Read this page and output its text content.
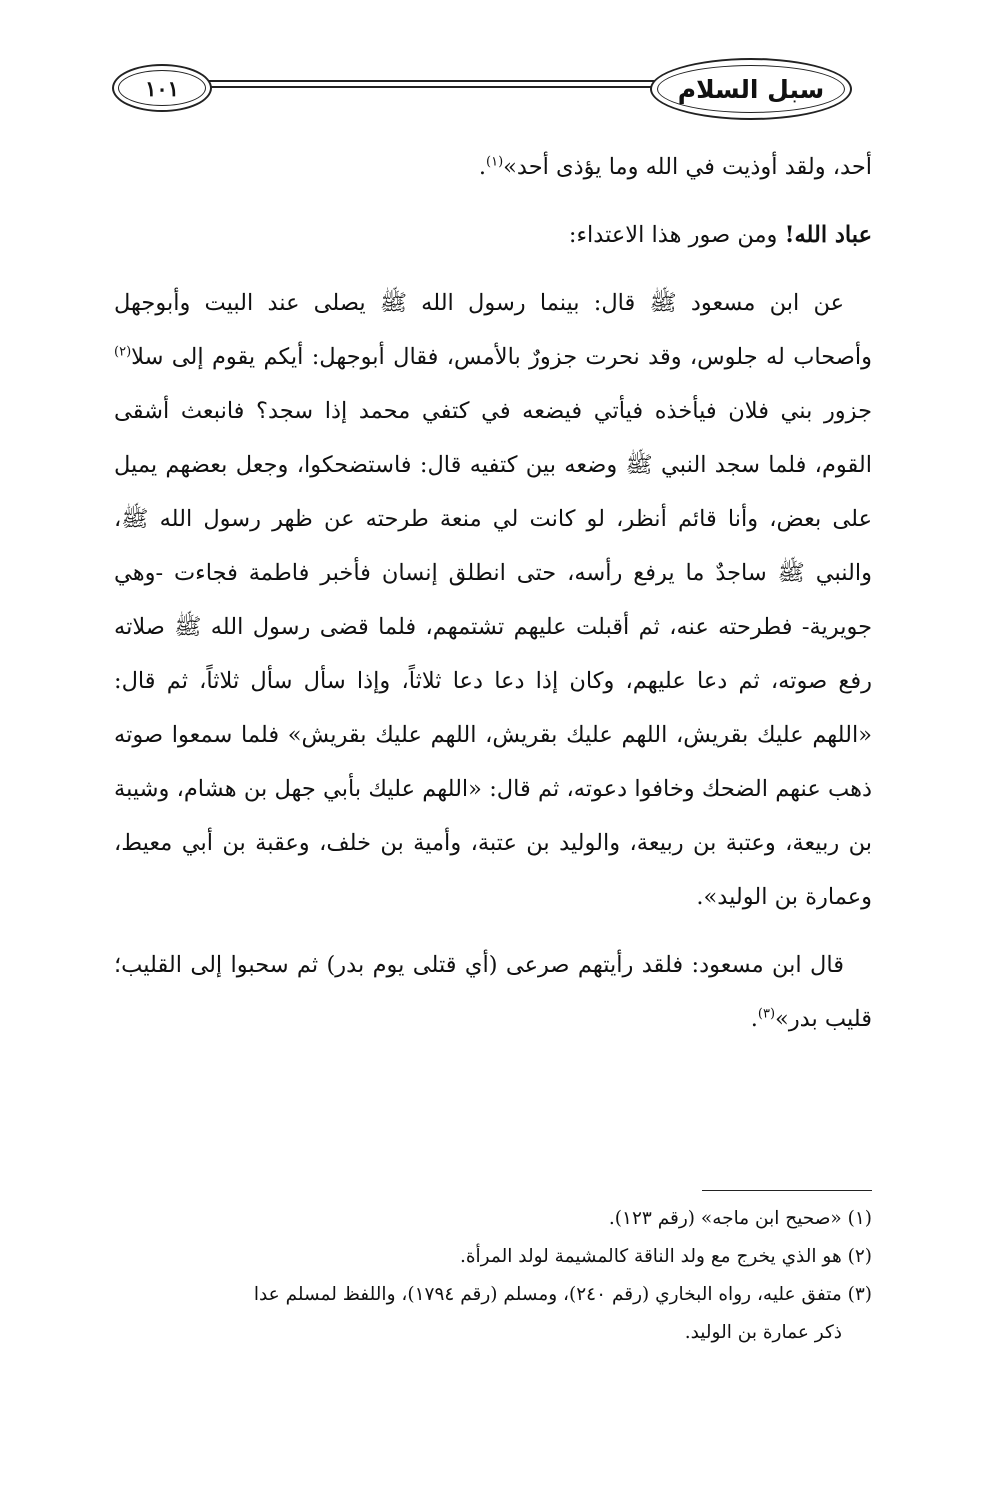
سبل السلام
١٠١

أحد، ولقد أوذيت في الله وما يؤذى أحد»$^{(١)}$.

عباد الله! ومن صور هذا الاعتداء:

عن ابن مسعود ﷺ قال: بينما رسول الله ﷺ يصلى عند البيت وأبوجهل وأصحاب له جلوس، وقد نحرت جزورٌ بالأمس، فقال أبوجهل: أيكم يقوم إلى سلا$^{(٢)}$ جزور بني فلان فيأخذه فيأتي فيضعه في كتفي محمد إذا سجد؟ فانبعث أشقى القوم، فلما سجد النبي ﷺ وضعه بين كتفيه قال: فاستضحكوا، وجعل بعضهم يميل على بعض، وأنا قائم أنظر، لو كانت لي منعة طرحته عن ظهر رسول الله ﷺ، والنبي ﷺ ساجدٌ ما يرفع رأسه، حتى انطلق إنسان فأخبر فاطمة فجاءت -وهي جويرية- فطرحته عنه، ثم أقبلت عليهم تشتمهم، فلما قضى رسول الله ﷺ صلاته رفع صوته، ثم دعا عليهم، وكان إذا دعا دعا ثلاثاً، وإذا سأل سأل ثلاثاً، ثم قال: «اللهم عليك بقريش، اللهم عليك بقريش، اللهم عليك بقريش» فلما سمعوا صوته ذهب عنهم الضحك وخافوا دعوته، ثم قال: «اللهم عليك بأبي جهل بن هشام، وشيبة بن ربيعة، وعتبة بن ربيعة، والوليد بن عتبة، وأمية بن خلف، وعقبة بن أبي معيط، وعمارة بن الوليد».

قال ابن مسعود: فلقد رأيتهم صرعى (أي قتلى يوم بدر) ثم سحبوا إلى القليب؛ قليب بدر»$^{(٣)}$.

(١) «صحيح ابن ماجه» (رقم ١٢٣).

(٢) هو الذي يخرج مع ولد الناقة كالمشيمة لولد المرأة.

(٣) متفق عليه، رواه البخاري (رقم ٢٤٠)، ومسلم (رقم ١٧٩٤)، واللفظ لمسلم عدا

ذكر عمارة بن الوليد.
